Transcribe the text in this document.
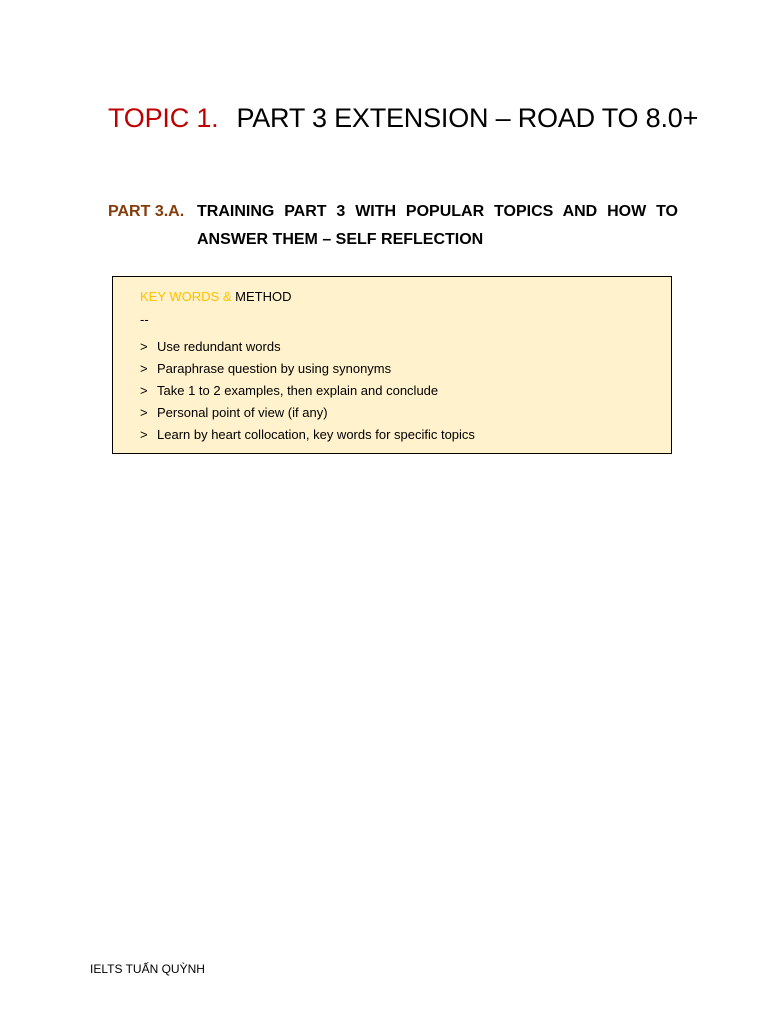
TOPIC 1. PART 3 EXTENSION – ROAD TO 8.0+
PART 3.A. TRAINING PART 3 WITH POPULAR TOPICS AND HOW TO
ANSWER THEM – SELF REFLECTION
KEY WORDS & METHOD
--
> Use redundant words
> Paraphrase question by using synonyms
> Take 1 to 2 examples, then explain and conclude
> Personal point of view (if any)
> Learn by heart collocation, key words for specific topics
IELTS TUẤN QUỲNH
